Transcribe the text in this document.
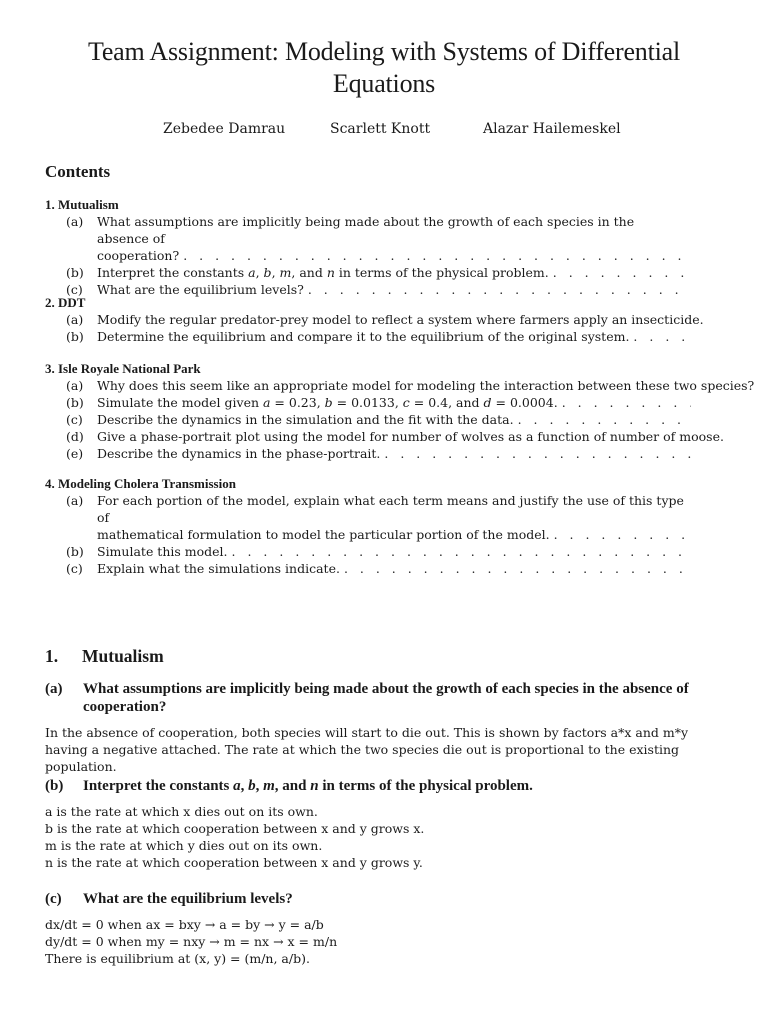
Team Assignment: Modeling with Systems of Differential Equations
Zebedee Damrau	Scarlett Knott	Alazar Hailemeskel
Contents
1. Mutualism
(a) What assumptions are implicitly being made about the growth of each species in the absence of
cooperation?
. . .
(b) Interpret the constants a, b, m, and n in terms of the physical problem.
. . .
(c) What are the equilibrium levels?
. . .
2. DDT
(a) Modify the regular predator-prey model to reflect a system where farmers apply an insecticide.
(b) Determine the equilibrium and compare it to the equilibrium of the original system.
. . .
3. Isle Royale National Park
(a) Why does this seem like an appropriate model for modeling the interaction between these two species?
(b) Simulate the model given a = 0.23, b = 0.0133, c = 0.4, and d = 0.0004.
. . .
(c) Describe the dynamics in the simulation and the fit with the data.
. . .
(d) Give a phase-portrait plot using the model for number of wolves as a function of number of moose.
(e) Describe the dynamics in the phase-portrait.
. . .
4. Modeling Cholera Transmission
(a) For each portion of the model, explain what each term means and justify the use of this type of
mathematical formulation to model the particular portion of the model.
. . .
(b) Simulate this model.
. . .
(c) Explain what the simulations indicate.
. . .
1. Mutualism
(a) What assumptions are implicitly being made about the growth of each species in the absence of cooperation?

In the absence of cooperation, both species will start to die out. This is shown by factors a*x and m*y having a negative attached. The rate at which the two species die out is proportional to the existing population.

(b) Interpret the constants a, b, m, and n in terms of the physical problem.

a is the rate at which x dies out on its own.

b is the rate at which cooperation between x and y grows x.

m is the rate at which y dies out on its own.

n is the rate at which cooperation between x and y grows y.

(c) What are the equilibrium levels?

dx/dt = 0 when ax = bxy → a = by → y = a/b

dy/dt = 0 when my = nxy → m = nx → x = m/n

There is equilibrium at (x, y) = (m/n, a/b).
